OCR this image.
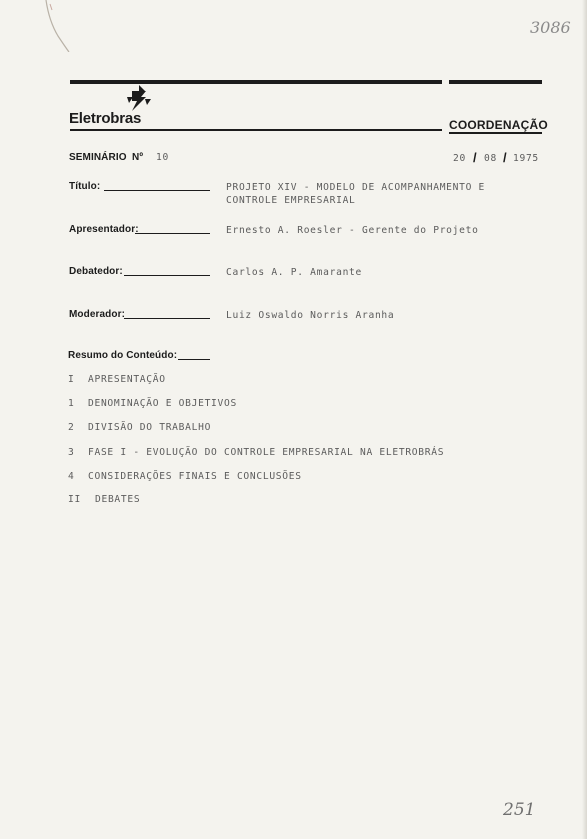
3086
Eletrobras	COORDENAÇÃO
SEMINÁRIO Nº 10	20 / 08 / 1975
Título:	PROJETO XIV - MODELO DE ACOMPANHAMENTO E
CONTROLE EMPRESARIAL
Apresentador:	Ernesto A. Roesler - Gerente do Projeto
Debatedor:	Carlos A. P. Amarante
Moderador:	Luiz Oswaldo Norris Aranha
Resumo do Conteúdo:
I APRESENTAÇÃO
1 DENOMINAÇÃO E OBJETIVOS
2 DIVISÃO DO TRABALHO
3 FASE I - EVOLUÇÃO DO CONTROLE EMPRESARIAL NA ELETROBRÁS
4 CONSIDERAÇÕES FINAIS E CONCLUSÕES
II DEBATES
251
